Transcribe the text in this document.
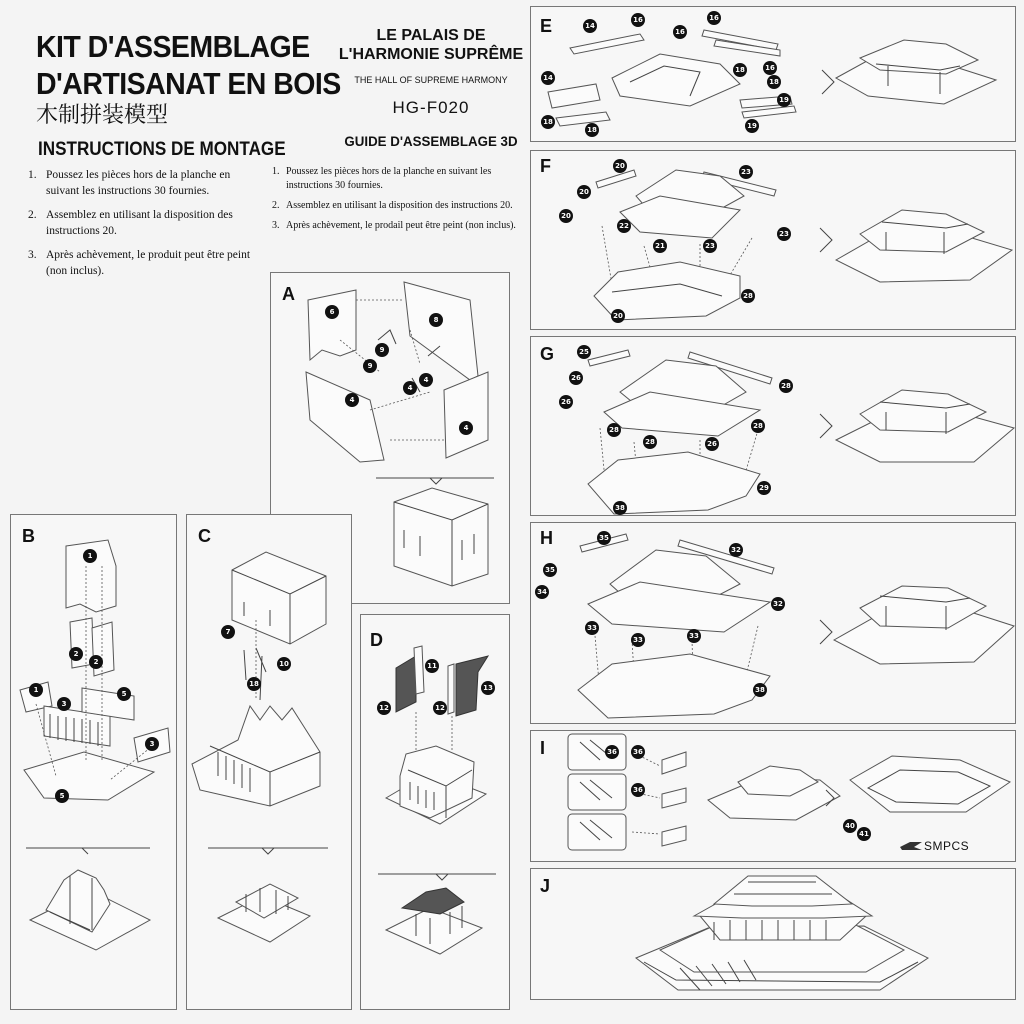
KIT D'ASSEMBLAGE
D'ARTISANAT EN BOIS
木制拼装模型
INSTRUCTIONS DE MONTAGE
1. Poussez les pièces hors de la planche en suivant les instructions 30 fournies.
2. Assemblez en utilisant la disposition des instructions 20.
3. Après achèvement, le produit peut être peint (non inclus).
LE PALAIS DE
L'HARMONIE SUPRÊME
THE HALL OF SUPREME HARMONY
HG-F020
GUIDE D'ASSEMBLAGE 3D
1. Poussez les pièces hors de la planche en suivant les instructions 30 fournies.
2. Assemblez en utilisant la disposition des instructions 20.
3. Après achèvement, le prodail peut être peint (non inclus).
A
B	C
D
E
F
G
H
I
J
SMPCS
6
8
9
9
4
4
4
4
1
2
2
1
3
5
3
5
7
10
18
11
12	12
13
14
16
16
16
14
16
18
18
19
19
18
18
20
20
20
22
23
21
23
23
28
20
25
26
26
28
28	26
28
28
29
38
35
35
34
32
33
33
32
33
38
36 36
36
41
40
